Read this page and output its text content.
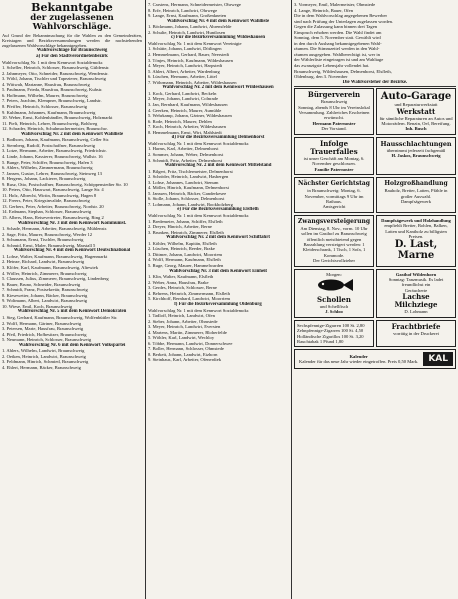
Bekanntgabe
der zugelassenen Wahlvorschläge.
Auf Grund der Bekanntmachung für die Wahlen zu den Gemeinderäten, Kreistagen und Bezirksversammlungen werden die nachstehenden zugelassenen Wahlvorschläge bekanntgegeben.
Wahlvorschläge für Braunschweig
a) Für den Stadtverordnetenbezirk
Wahlvorschlag Nr. 1 mit dem Kennwort Sozialdemokr.
1. Scheller, Heinrich, Schlosser, Braunschweig, Güldenstr.
2. Jahnmeyer, Otto, Schneider, Braunschweig, Wendenstr.
3. Wöhl, Johann, Tischler und Tapezierer, Braunschweig
4. Wittwah, Marianne, Hausfrau, Braunschweig
5. Paulmann, Frieda, Hausfrau, Braunschweig, Kuhstr.
6. Hoffmann, Wilhelm, Maurer, Braunschweig
7. Peters, Joachim, Klempner, Braunschweig, Landstr.
8. Pfeiffer, Heinrich, Schlosser, Braunschweig
9. Kuhlmann, Johannes, Kaufmann, Braunschweig
10. Weber, Ernst, Kohlenhändler, Braunschweig, Holzmarkt
11. Pielt, Heinrich, Lehrer, Braunschweig, Bohlweg
12. Schrader, Heinrich, Schuhmachermeister, Braunschw.
Wahlvorschlag Nr. 2 mit dem Kennwort Wahlliste
1. Bodhorn, Johann, Kaufmann, Braunschweig, Celler Str.
2. Sternberg, Rudolf, Postschaffner, Braunschweig
3. Lotze, Hermann, Arbeiter, Braunschweig, Friedrichstr.
4. Linde, Johann, Kassierer, Braunschweig, Wallstr. 16
5. Bunge, Peter, Schiffer, Braunschweig, Hafen 3
6. Ahlers, Wilhelm, Zimmermann, Braunschweig
7. Jansen, Gustav, Lehrer, Braunschweig, Steinweg 13
8. Hergens, Johann, Lackierer, Braunschweig
9. Rusz, Otto, Postschaffner, Braunschweig, Schöppenstedter Str. 10
10. Peters, Otto, Hauswart, Braunschweig, Lange Str. 4
11. Holz, Albrecht, Wirtin, Braunschweig, Hagen 8
12. Freers, Peter, Kriegsinvalide, Braunschweig
13. Gerbers, Peter, Arbeiter, Braunschweig, Nordstr. 20
14. Erdmann, Stephan, Schlosser, Braunschweig
15. Albers, Hans, Reisevertreter, Braunschweig, Ring 2
Wahlvorschlag Nr. 3 mit dem Kennwort Kommunist.
1. Schade, Hermann, Arbeiter, Braunschweig, Mühlenstr.
2. Sage, Fritz, Maurer, Braunschweig, Werder 12
3. Schumann, Ernst, Tischler, Braunschweig
4. Schmid, Ernst, Maler, Braunschweig, Marstall 5
Wahlvorschlag Nr. 4 mit dem Kennwort Deutschnational
1. Lohse, Walter, Kaufmann, Braunschweig, Hagenmarkt
2. Heinze, Richard, Landwirt, Braunschweig
3. Klöfer, Karl, Kaufmann, Braunschweig, Altewiek
4. Wöller, Heinrich, Zimmerer, Braunschweig
5. Claussen, Julius, Zimmerer, Braunschweig, Lindenberg
6. Bauer, Bruno, Schneider, Braunschweig
7. Schmidt, Franz, Postsekretär, Braunschweig
8. Kiesewetter, Johann, Bäcker, Braunschweig
9. Woltmann, Albert, Landwirt, Braunschweig
10. Wiese, Emil, Koch, Braunschweig
Wahlvorschlag Nr. 5 mit dem Kennwort Demokraten
1. Sieg, Gerhard, Kaufmann, Braunschweig, Wolfenbüttler Str.
2. Wolff, Hermann, Gärtner, Braunschweig
3. Petersen, Marie, Hausfrau, Braunschweig
4. Pfeil, Friedrich, Hofbesitzer, Braunschweig
5. Neumann, Heinrich, Schlosser, Braunschweig
Wahlvorschlag Nr. 6 mit dem Kennwort Volkspartei
1. Ahlers, Wilhelm, Landwirt, Braunschweig
2. Oetken, Heinrich, Landwirt, Braunschweig
3. Feldmann, Hinrich, Schmied, Braunschweig
4. Ehlert, Hermann, Bäcker, Braunschweig
7. Carstens, Hermann, Schneidermeister, Ohrwege
8. Erfe, Heinrich, Landwirt, Ohrwege
9. Lange, Ernst, Kaufmann, Großenkneten
Wahlvorschlag Nr. 4 mit dem Kennwort Wahlliste
1. Böckmann, Johann, Landwirt, Ahrensfelde
2. Schulte, Heinrich, Landwirt, Huntlosen
c) Für die Bezirksversammlung Wildeshausen
Wahlvorschlag Nr. 1 mit dem Kennwort Vereinigte
1. Schütte, Johann, Landwirt, Dötlingen
2. Hemmelmann, Gerhard, Bauer, Neerstedt
3. Tönjes, Heinrich, Kaufmann, Wildeshausen
4. Meyer, Heinrich, Landwirt, Harpstedt
5. Ahlert, Albert, Arbeiter, Wardenburg
6. Lüschen, Hermann, Arbeiter, Littel
7. Wöhrmann, Heinrich, Arbeiter, Wildeshausen
Wahlvorschlag Nr. 2 mit dem Kennwort Wildeshausen
1. Kock, Gerhard, Landwirt, Beckeln
2. Meyer, Johann, Landwirt, Colnrade
3. Jan, Bernhard, Kaufmann, Wildeshausen
4. Geerken, Heinrich, Maurer, Aumühle
5. Wehrkamp, Johann, Gärtner, Wildeshausen
6. Rode, Heinrich, Maurer, Dehlen
7. Koch, Heinrich, Arbeiter, Wildeshausen
8. Hemmelmann, Ernst, Wirt, Mahlstedt
d) Für die Bezirksversammlung Delmenhorst
Wahlvorschlag Nr. 1 mit dem Kennwort Sozialdemokr.
1. Harms, Karl, Arbeiter, Delmenhorst
2. Sommer, Johann, Weber, Delmenhorst
3. Schmidt, Fritz, Arbeiter, Delmenhorst
Wahlvorschlag Nr. 2 mit dem Kennwort Mittelstand
1. Bilgert, Fritz, Tischlermeister, Delmenhorst
2. Schröder, Heinrich, Landwirt, Hasbergen
3. Lohse, Johannes, Landwirt, Stenum
4. Möller, Hinrich, Kaufmann, Delmenhorst
5. Janssen, Heinrich, Bäcker, Ganderkesee
6. Stolle, Johann, Schlosser, Delmenhorst
7. Lohmann, Johann, Landwirt, Bookholzberg
e) Für die Bezirksversammlung Elsfleth
Wahlvorschlag Nr. 1 mit dem Kennwort Sozialdemokr.
1. Bredemeier, Johann, Schiffer, Elsfleth
2. Dreyer, Hinrich, Arbeiter, Berne
3. Brunken, Heinrich, Zimmerer, Elsfleth
Wahlvorschlag Nr. 2 mit dem Kennwort Schiffahrt
1. Köhler, Wilhelm, Kapitän, Elsfleth
2. Lüschen, Heinrich, Reeder, Brake
3. Dittmer, Johann, Landwirt, Moorriem
4. Wolff, Hermann, Kaufmann, Elsfleth
5. Ruge, Georg, Maurer, Hammelwarden
Wahlvorschlag Nr. 3 mit dem Kennwort Einheit
1. Klin, Walter, Kaufmann, Elsfleth
2. Weber, Anna, Hausfrau, Brake
3. Gerdes, Heinrich, Schlosser, Berne
4. Behrens, Heinrich, Zimmermann, Elsfleth
5. Kirchhoff, Bernhard, Landwirt, Moorriem
f) Für die Bezirksversammlung Oldenburg
Wahlvorschlag Nr. 1 mit dem Kennwort Sozialdemokr.
1. Tadloff, Heinrich, Landwirt, Ofen
2. Sieber, Johann, Arbeiter, Ohmstede
3. Meyer, Heinrich, Landwirt, Eversten
4. Martens, Martin, Zimmerer, Bloherfelde
5. Wöhler, Karl, Landwirt, Wechloy
6. Többe, Hermann, Landwirt, Donnerschwee
7. Boller, Hermann, Schlosser, Ohmstede
8. Berkeit, Johann, Landwirt, Etzhorn
9. Steinhaus, Karl, Arbeiter, Ofenerdiek
3. Vormeyer, Emil, Malermeister, Ohmstede
4. Lange, Heinrich, Bauer, Ofen
Die in dem Wahlvorschlag angegebenen Bewerber
sind nach Prüfung der Unterlagen zugelassen worden.
Gegen die Zulassung kann binnen drei Tagen
Einspruch erhoben werden. Die Wahl findet am
Sonntag, dem 5. November statt. Gewählt wird
in den durch Aushang bekanntgegebenen Wahl-
räumen. Die Stimmzettel werden in den Wahl-
räumen ausgegeben. Wahlberechtigt ist, wer in
der Wählerliste eingetragen ist und am Wahltage
das zwanzigste Lebensjahr vollendet hat.
Braunschweig, Wildeshausen, Delmenhorst, Elsfleth,
Oldenburg, den 3. November
Die Wahlvorsteher der Bezirke.
Bürgerverein
Braunschweig
Sonntag, abends 8 Uhr im Vereinslokal Versammlung. Zahlreiches Erscheinen erwünscht.
Hermann Paternoster
Der Vorstand.
Auto-Garage
und Reparaturwerkstatt
Werkstatt
für sämtliche Reparaturen an Autos und Motorrädern. Benzin, Oel, Bereifung.
Inh. Busch
Infolge Trauerfalles
ist unser Geschäft am Montag, 6. November geschlossen.
Familie Paternoster
Hausschlachtungen
übernimmt jederzeit fachgemäß
H. Jaskos, Braunschweig
Nächster Gerichtstag
in Braunschweig: Montag, 6. November, vormittags 9 Uhr im Rathaus.
Amtsgericht
Holzgroßhandlung
Bauholz, Bretter, Latten, Pfähle in großer Auswahl.
Dampfsägewerk
Zwangsversteigerung
Am Dienstag, 8. Nov., vorm. 10 Uhr sollen im Gasthof zu Braunschweig öffentlich meistbietend gegen Barzahlung versteigert werden: 1 Kleiderschrank, 1 Tisch, 1 Sofa, 1 Kommode.
Der Gerichtsvollzieher
Dampfsägewerk und Holzhandlung
empfiehlt Bretter, Bohlen, Balken, Latten und Kantholz zu billigsten Preisen.
D. Last, Marne
Morgen:
Schollen
und Schellfisch
J. Schloo
Gasthof Wildenhorn
Sonntag: Tanzmusik. Es ladet freundlichst ein
Geräucherte
Lachse
Milchziege
D. Lohmann
Sechspfennige-Zigarren 100 St. 2,80
Zehnpfennige-Zigarren 100 St. 4,50
Holländische Zigarillos 100 St. 3,20
Rauchtabak 1 Pfund 1,80
Frachtbriefe
vorrätig in der Druckerei
Kalender
Kalender für das neue Jahr wieder eingetroffen. Preis 0,50 Mark.	KAL
